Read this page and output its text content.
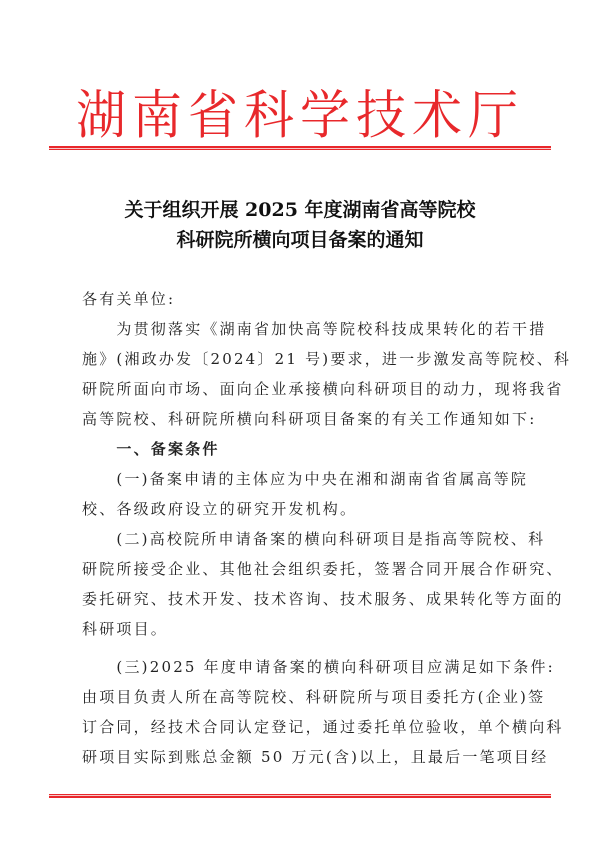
湖南省科学技术厅
关于组织开展 2025 年度湖南省高等院校
科研院所横向项目备案的通知
各有关单位:
　　为贯彻落实《湖南省加快高等院校科技成果转化的若干措
施》(湘政办发〔2024〕21 号)要求，进一步激发高等院校、科
研院所面向市场、面向企业承接横向科研项目的动力，现将我省
高等院校、科研院所横向科研项目备案的有关工作通知如下:
　　一、备案条件
　　(一)备案申请的主体应为中央在湘和湖南省省属高等院
校、各级政府设立的研究开发机构。
　　(二)高校院所申请备案的横向科研项目是指高等院校、科
研院所接受企业、其他社会组织委托，签署合同开展合作研究、
委托研究、技术开发、技术咨询、技术服务、成果转化等方面的
科研项目。
　　(三)2025 年度申请备案的横向科研项目应满足如下条件:
由项目负责人所在高等院校、科研院所与项目委托方(企业)签
订合同，经技术合同认定登记，通过委托单位验收，单个横向科
研项目实际到账总金额 50 万元(含)以上，且最后一笔项目经
